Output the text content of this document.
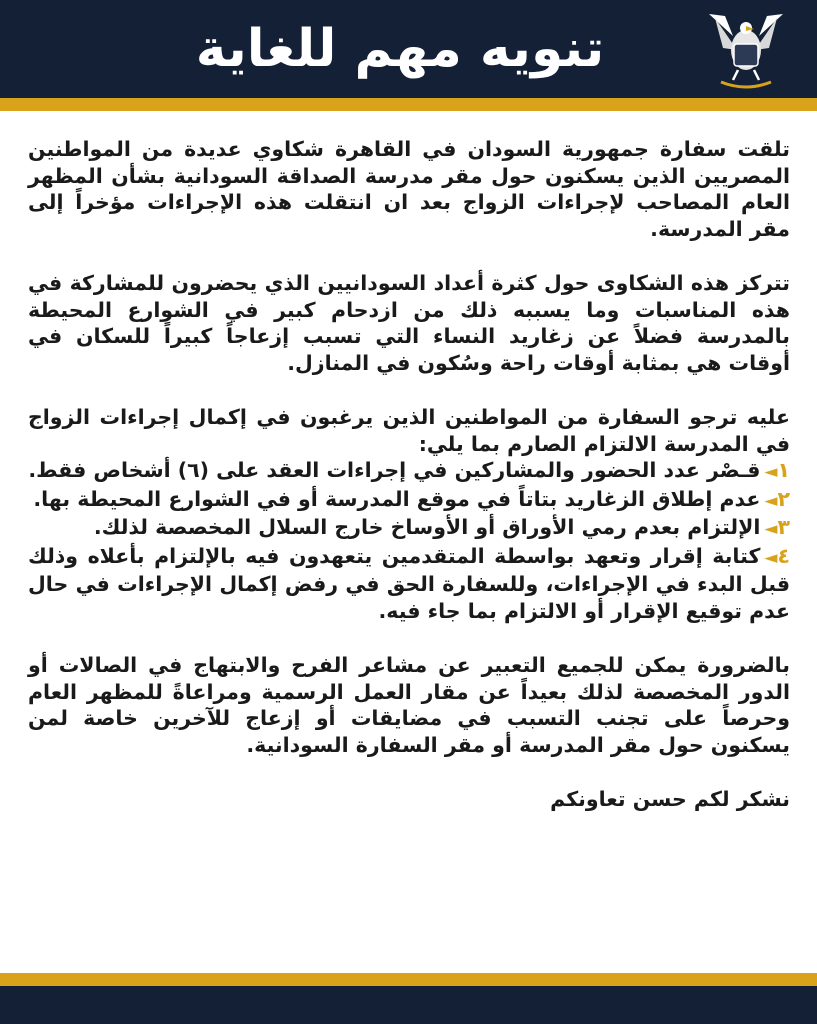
تنويه مهم للغاية

تلقت سفارة جمهورية السودان في القاهرة شكاوي عديدة من المواطنين المصريين الذين يسكنون حول مقر مدرسة الصداقة السودانية بشأن المظهر العام المصاحب لإجراءات الزواج بعد ان انتقلت هذه الإجراءات مؤخراً إلى مقر المدرسة.

تتركز هذه الشكاوى حول كثرة أعداد السودانيين الذي يحضرون للمشاركة في هذه المناسبات وما يسببه ذلك من ازدحام كبير في الشوارع المحيطة بالمدرسة فضلاً عن زغاريد النساء التي تسبب إزعاجاً كبيراً للسكان في أوقات هي بمثابة أوقات راحة وسُكون في المنازل.

عليه ترجو السفارة من المواطنين الذين يرغبون في إكمال إجراءات الزواج في المدرسة الالتزام الصارم بما يلي:

١◄قـصْر عدد الحضور والمشاركين في إجراءات العقد على (٦) أشخاص فقط.

٢◄عدم إطلاق الزغاريد بتاتاً في موقع المدرسة أو في الشوارع المحيطة بها.

٣◄الإلتزام بعدم رمي الأوراق أو الأوساخ خارج السلال المخصصة لذلك.

٤◄كتابة إقرار وتعهد بواسطة المتقدمين يتعهدون فيه بالإلتزام بأعلاه وذلك قبل البدء في الإجراءات، وللسفارة الحق في رفض إكمال الإجراءات في حال عدم توقيع الإقرار أو الالتزام بما جاء فيه.

بالضرورة يمكن للجميع التعبير عن مشاعر الفرح والابتهاج في الصالات أو الدور المخصصة لذلك بعيداً عن مقار العمل الرسمية ومراعاةً للمظهر العام وحرصاً على تجنب التسبب في مضايقات أو إزعاج للآخرين خاصة لمن يسكنون حول مقر المدرسة أو مقر السفارة السودانية.

نشكر لكم حسن تعاونكم
